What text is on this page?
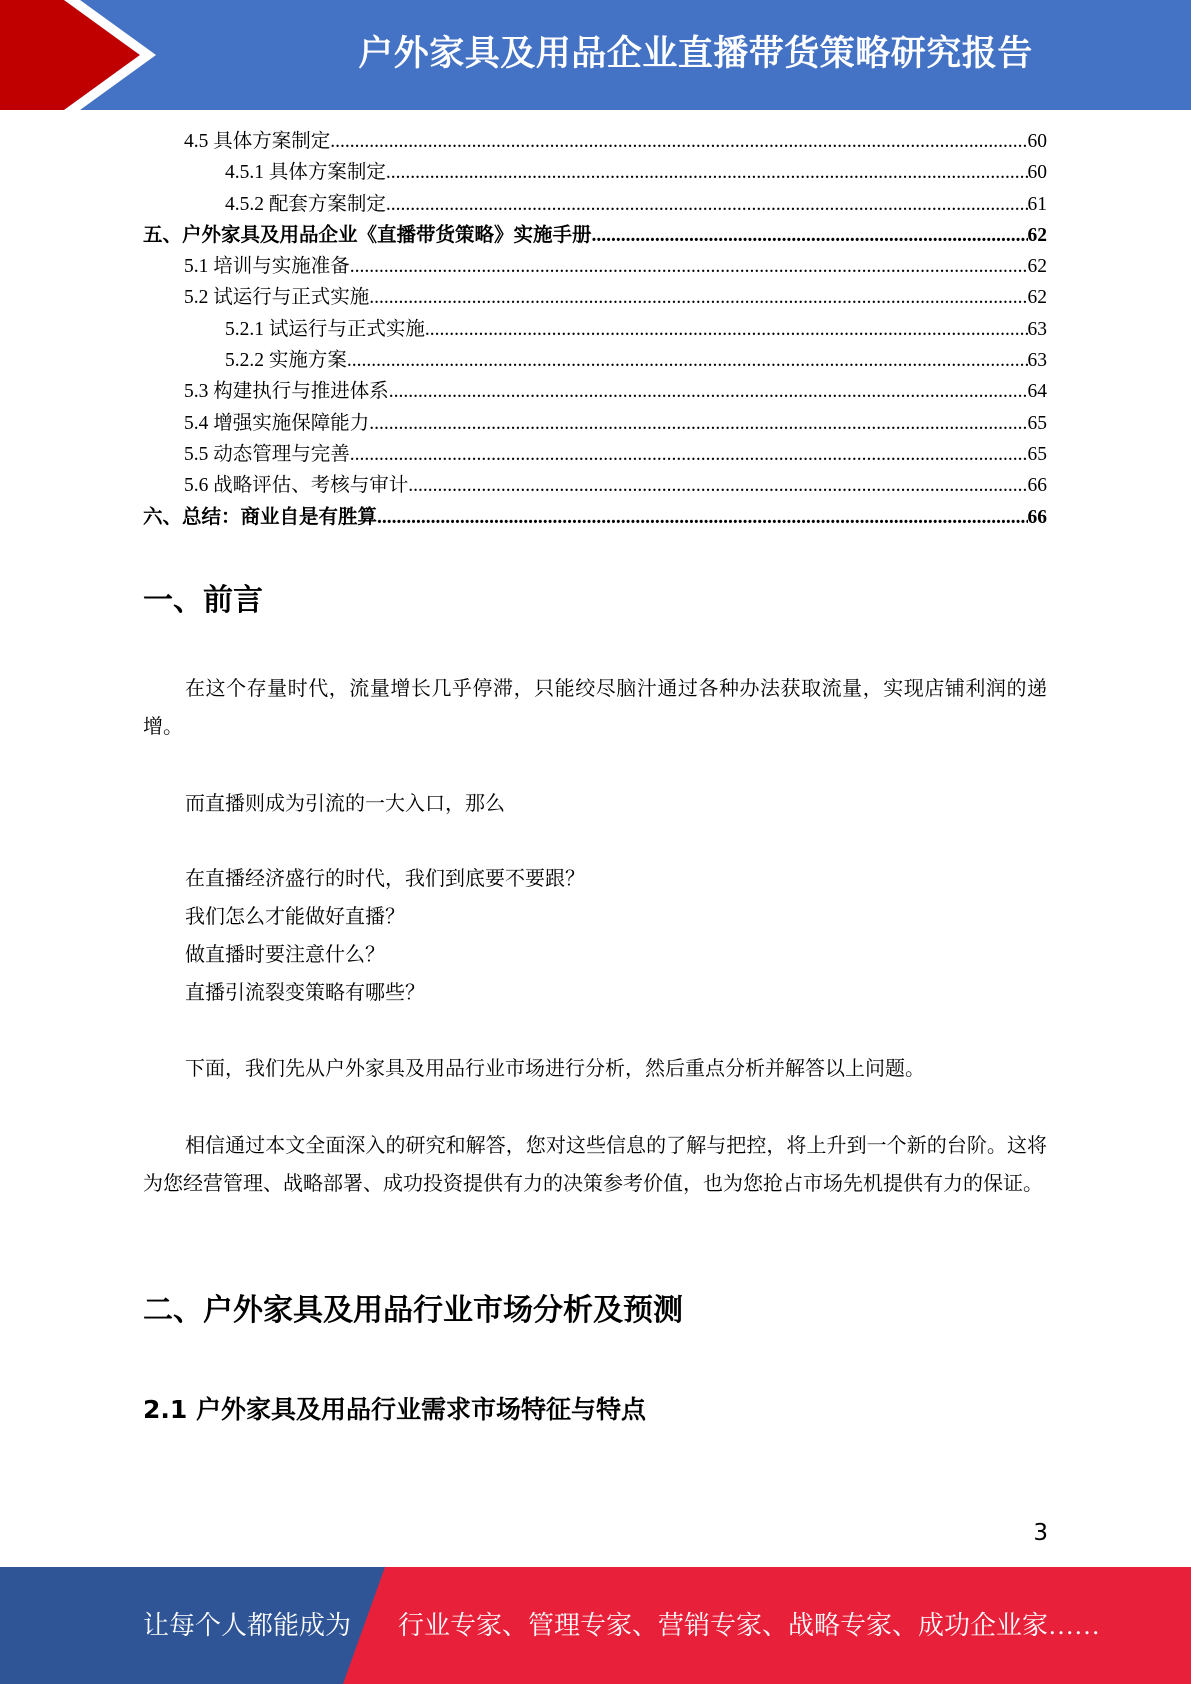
户外家具及用品企业直播带货策略研究报告
4.5 具体方案制定 .....	60
4.5.1 具体方案制定 .....	60
4.5.2 配套方案制定 .....	61
五、户外家具及用品企业《直播带货策略》实施手册 .....	62
5.1 培训与实施准备 .....	62
5.2 试运行与正式实施 .....	62
5.2.1 试运行与正式实施 .....	63
5.2.2 实施方案 .....	63
5.3 构建执行与推进体系 .....	64
5.4 增强实施保障能力 .....	65
5.5 动态管理与完善 .....	65
5.6 战略评估、考核与审计 .....	66
六、总结：商业自是有胜算 .....	66
一、前言
在这个存量时代，流量增长几乎停滞，只能绞尽脑汁通过各种办法获取流量，实现店铺利润的递增。
而直播则成为引流的一大入口，那么
在直播经济盛行的时代，我们到底要不要跟？
我们怎么才能做好直播？
做直播时要注意什么？
直播引流裂变策略有哪些？
下面，我们先从户外家具及用品行业市场进行分析，然后重点分析并解答以上问题。
相信通过本文全面深入的研究和解答，您对这些信息的了解与把控，将上升到一个新的台阶。这将为您经营管理、战略部署、成功投资提供有力的决策参考价值，也为您抢占市场先机提供有力的保证。
二、户外家具及用品行业市场分析及预测
2.1 户外家具及用品行业需求市场特征与特点
3
让每个人都能成为 行业专家、管理专家、营销专家、战略专家、成功企业家……
